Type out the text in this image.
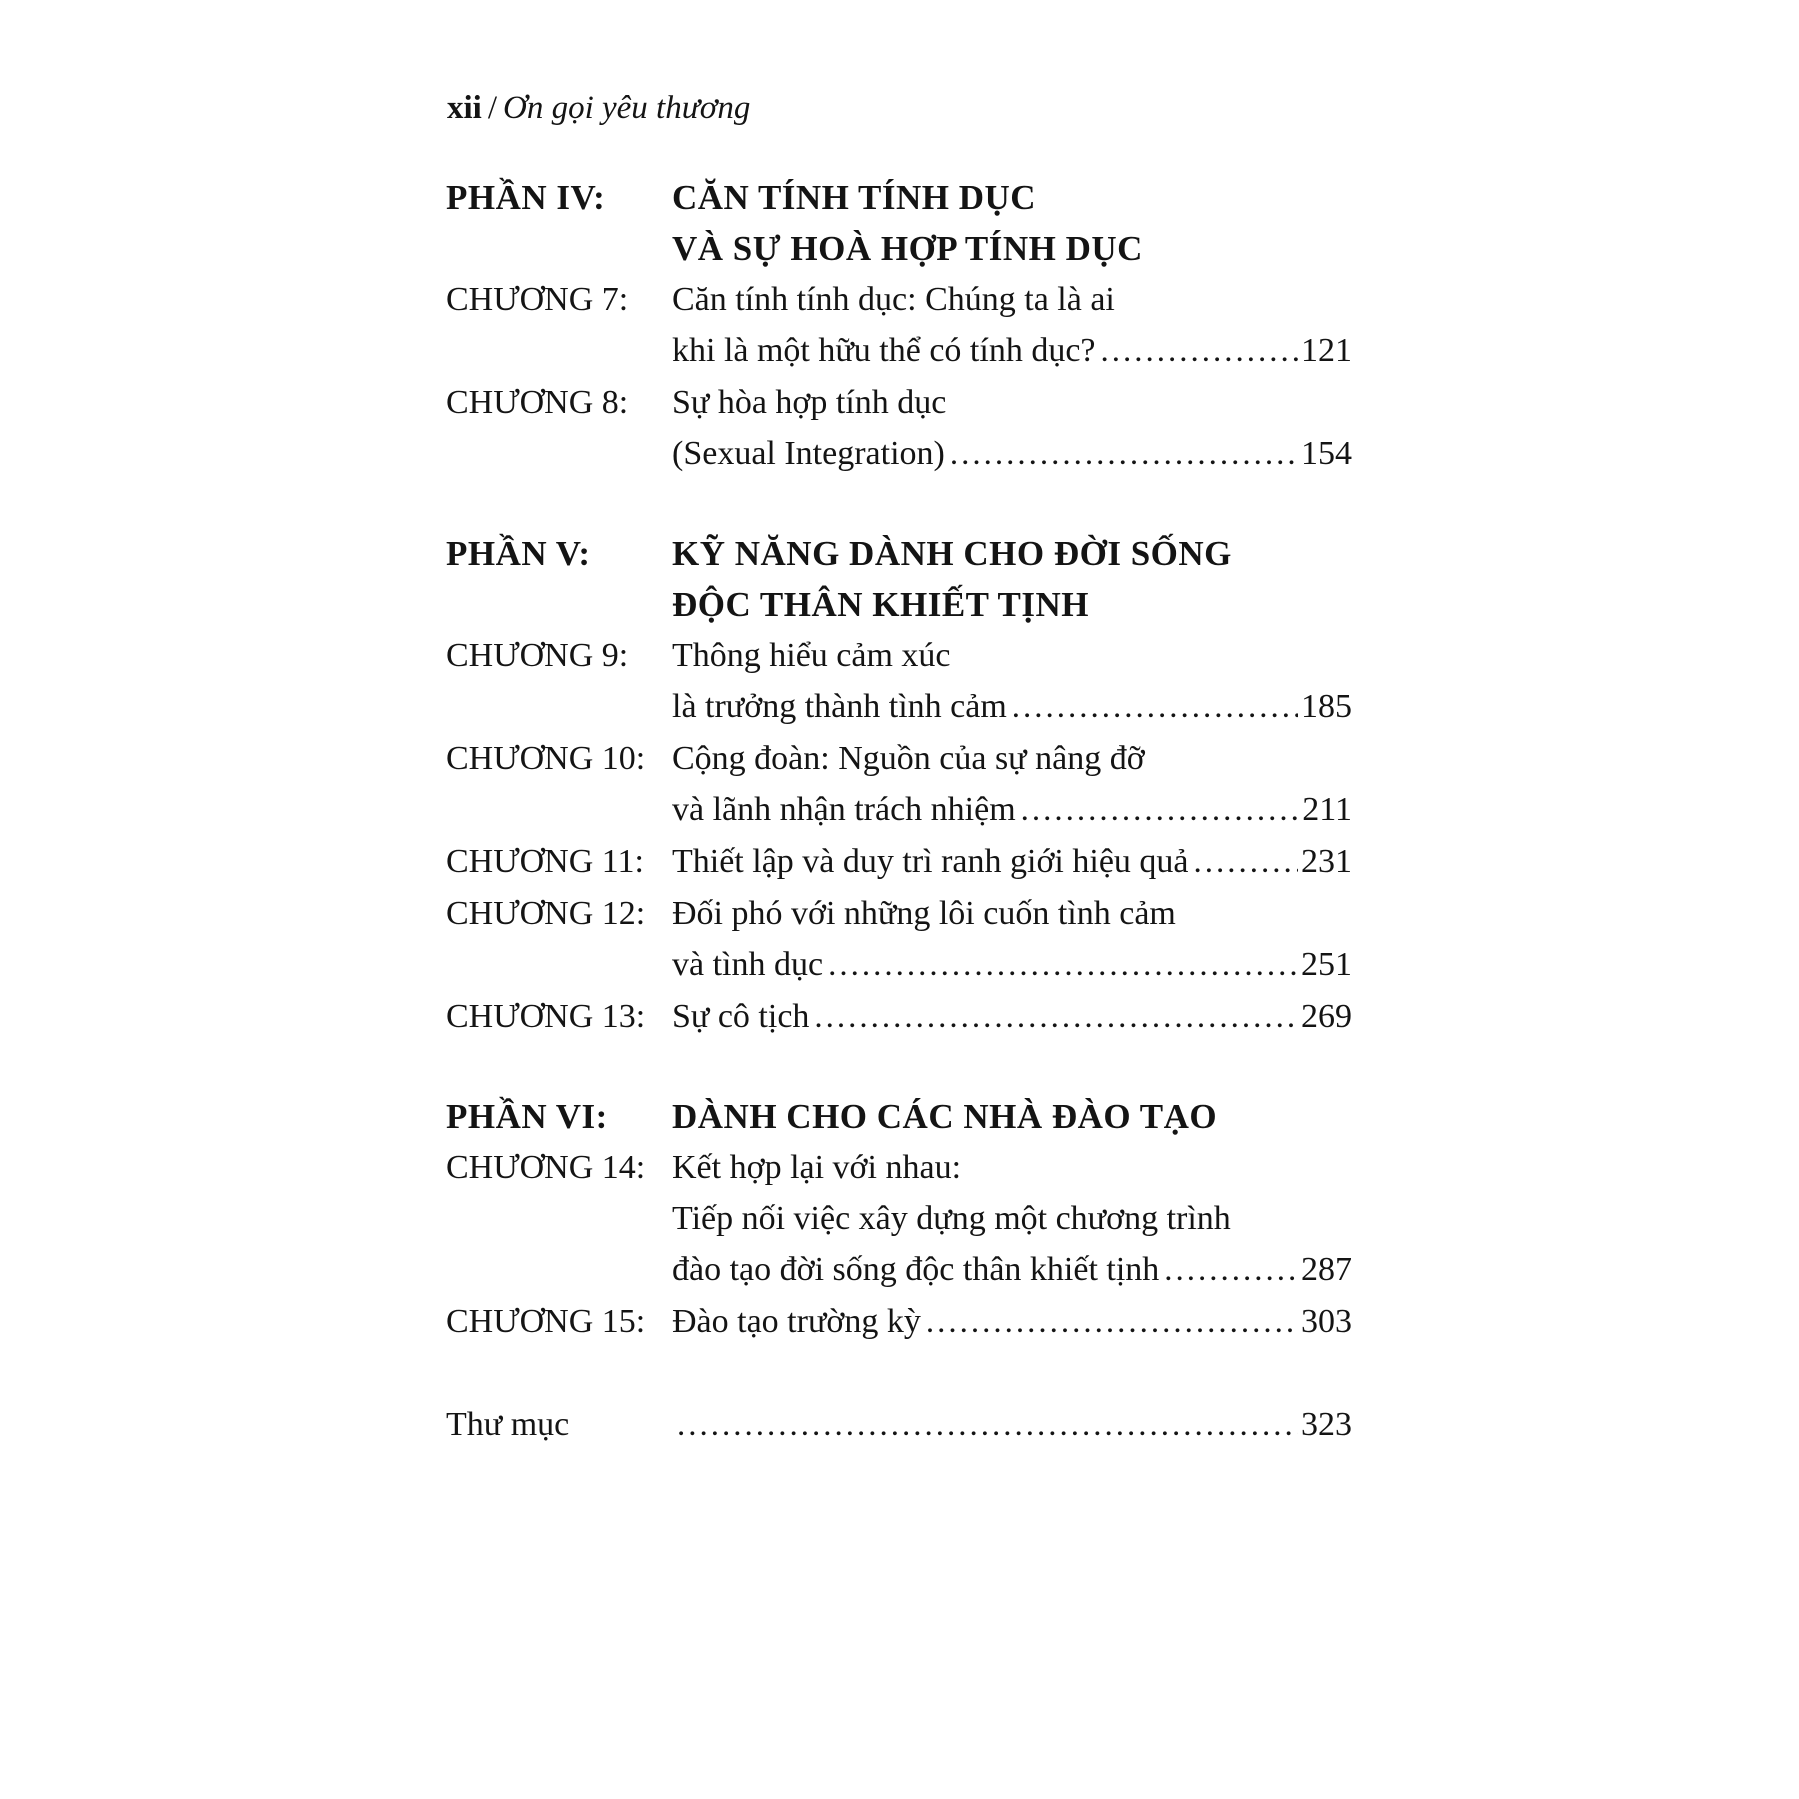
xii / Ơn gọi yêu thương
PHẦN IV:	CĂN TÍNH TÍNH DỤC
VÀ SỰ HOÀ HỢP TÍNH DỤC
CHƯƠNG 7:	Căn tính tính dục: Chúng ta là ai
khi là một hữu thể có tính dục? .....	121
CHƯƠNG 8:	Sự hòa hợp tính dục
(Sexual Integration) .....	154
PHẦN V:	KỸ NĂNG DÀNH CHO ĐỜI SỐNG
ĐỘC THÂN KHIẾT TỊNH
CHƯƠNG 9:	Thông hiểu cảm xúc
là trưởng thành tình cảm .....	185
CHƯƠNG 10: Cộng đoàn: Nguồn của sự nâng đỡ
và lãnh nhận trách nhiệm .....	211
CHƯƠNG 11: Thiết lập và duy trì ranh giới hiệu quả .....	231
CHƯƠNG 12: Đối phó với những lôi cuốn tình cảm
và tình dục .....	251
CHƯƠNG 13: Sự cô tịch .....	269
PHẦN VI:	DÀNH CHO CÁC NHÀ ĐÀO TẠO
CHƯƠNG 14: Kết hợp lại với nhau:
Tiếp nối việc xây dựng một chương trình
đào tạo đời sống độc thân khiết tịnh .....	287
CHƯƠNG 15: Đào tạo trường kỳ .....	303
Thư mục .....	323
